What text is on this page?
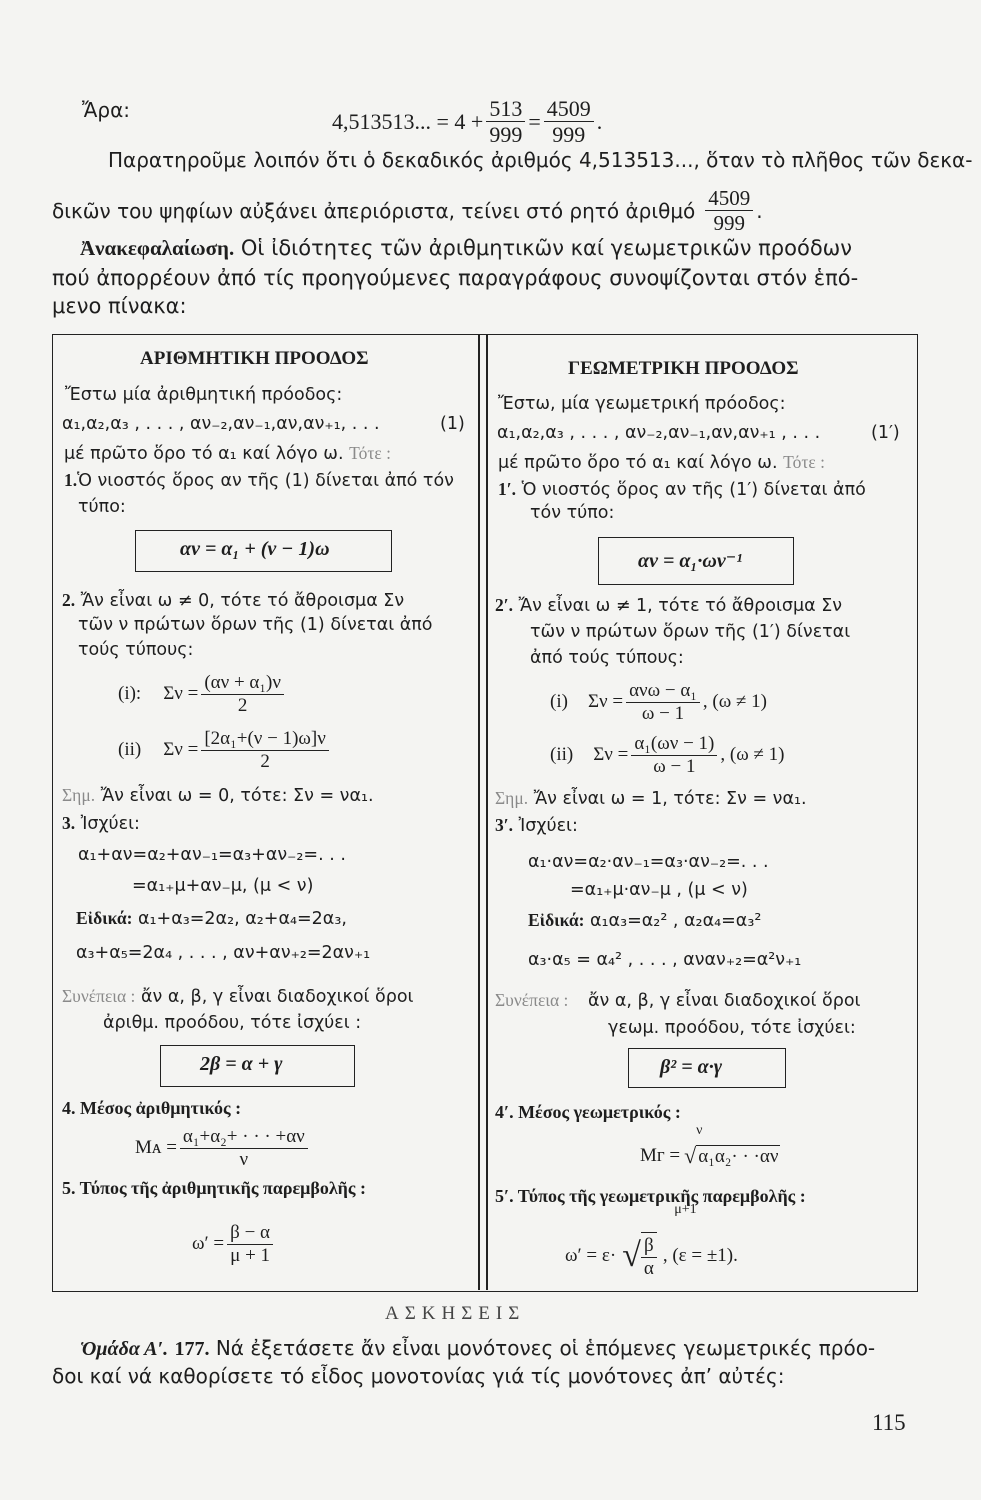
Ἄρα:	4,513513... = $4 + \frac{513}{999} = \frac{4509}{999}$ .
Παρατηροῦμε λοιπόν ὅτι ὁ δεκαδικός ἀριθμός 4,513513..., ὅταν τὸ πλῆθος τῶν δεκα-
δικῶν του ψηφίων αὐξάνει ἀπεριόριστα, τείνει στό ρητό ἀριθμό $\frac{4509}{999}$ .
Ἀνακεφαλαίωση. Οἱ ἰδιότητες τῶν ἀριθμητικῶν καί γεωμετρικῶν προόδων
πού ἀπορρέουν ἀπό τίς προηγούμενες παραγράφους συνοψίζονται στόν ἑπό-
μενο πίνακα:
ΑΡΙΘΜΗΤΙΚΗ ΠΡΟΟΔΟΣ
Ἔστω μία ἀριθμητική πρόοδος:
α₁,α₂,α₃ , . . . , αν₋₂,αν₋₁,αν,αν₊₁, . . .	(1)
μέ πρῶτο ὅρο τό α₁ καί λόγο ω. Τότε :
1.Ὁ νιοστός ὅρος αν τῆς (1) δίνεται ἀπό τόν
τύπο:
αν = α₁ + (ν − 1)ω
2. Ἄν εἶναι ω ≠ 0, τότε τό ἄθροισμα Σν
τῶν ν πρώτων ὅρων τῆς (1) δίνεται ἀπό
τούς τύπους:
(i): $\Sigma\nu = \frac{\text{(αν + α₁)ν}}{2}$
(ii) $\Sigma\nu = \frac{\text{[2α₁+(ν − 1)ω]ν}}{2}$
Σημ. Ἄν εἶναι ω = 0, τότε: Σν = να₁.
3. Ἰσχύει:
α₁+αν=α₂+αν₋₁=α₃+αν₋₂=. . .
=α₁₊μ+αν₋μ, (μ < ν)
Εἰδικά: α₁+α₃=2α₂, α₂+α₄=2α₃,
α₃+α₅=2α₄ , . . . , αν+αν₊₂=2αν₊₁
Συνέπεια : ἄν α, β, γ εἶναι διαδοχικοί ὅροι
ἀριθμ. προόδου, τότε ἰσχύει :
2β = α + γ
4. Μέσος ἀριθμητικός :
Mᴀ = $\frac{\text{α₁+α₂+ · · · +αν}}{\nu}$
5. Τύπος τῆς ἀριθμητικῆς παρεμβολῆς :
$\omega' = \frac{\beta - \alpha}{\mu + 1}$
ΓΕΩΜΕΤΡΙΚΗ ΠΡΟΟΔΟΣ
Ἔστω, μία γεωμετρική πρόοδος:
α₁,α₂,α₃ , . . . , αν₋₂,αν₋₁,αν,αν₊₁ , . . .	(1′)
μέ πρῶτο ὅρο τό α₁ καί λόγο ω. Τότε :
1′. Ὁ νιοστός ὅρος αν τῆς (1′) δίνεται ἀπό
τόν τύπο:
αν = α₁·ων⁻¹
2′. Ἄν εἶναι ω ≠ 1, τότε τό ἄθροισμα Σν
τῶν ν πρώτων ὅρων τῆς (1′) δίνεται
ἀπό τούς τύπους:
(i) $\Sigma\nu = \frac{\text{ανω − α₁}}{\omega - 1}$ , (ω ≠ 1)
(ii) $\Sigma\nu = \frac{\text{α₁(ων − 1)}}{\omega - 1}$ , (ω ≠ 1)
Σημ. Ἄν εἶναι ω = 1, τότε: Σν = να₁.
3′. Ἰσχύει:
α₁·αν=α₂·αν₋₁=α₃·αν₋₂=. . .
=α₁₊μ·αν₋μ , (μ < ν)
Εἰδικά: α₁α₃=α₂² , α₂α₄=α₃²
α₃·α₅ = α₄² , . . . , αναν₊₂=α²ν₊₁
Συνέπεια : ἄν α, β, γ εἶναι διαδοχικοί ὅροι
γεωμ. προόδου, τότε ἰσχύει:
β² = α·γ
4′. Μέσος γεωμετρικός :
Mᴦ =
ν
√ α₁α₂· · ·αν
5′. Τύπος τῆς γεωμετρικῆς παρεμβολῆς :
ω′ = ε·
μ+1
√ $\frac{\beta}{\alpha}$ , (ε = ±1).
ΑΣΚΗΣΕΙΣ
Ὁμάδα Α′. 177. Νά ἐξετάσετε ἄν εἶναι μονότονες οἱ ἑπόμενες γεωμετρικές πρόο-
δοι καί νά καθορίσετε τό εἶδος μονοτονίας γιά τίς μονότονες ἀπ’ αὐτές:
115
